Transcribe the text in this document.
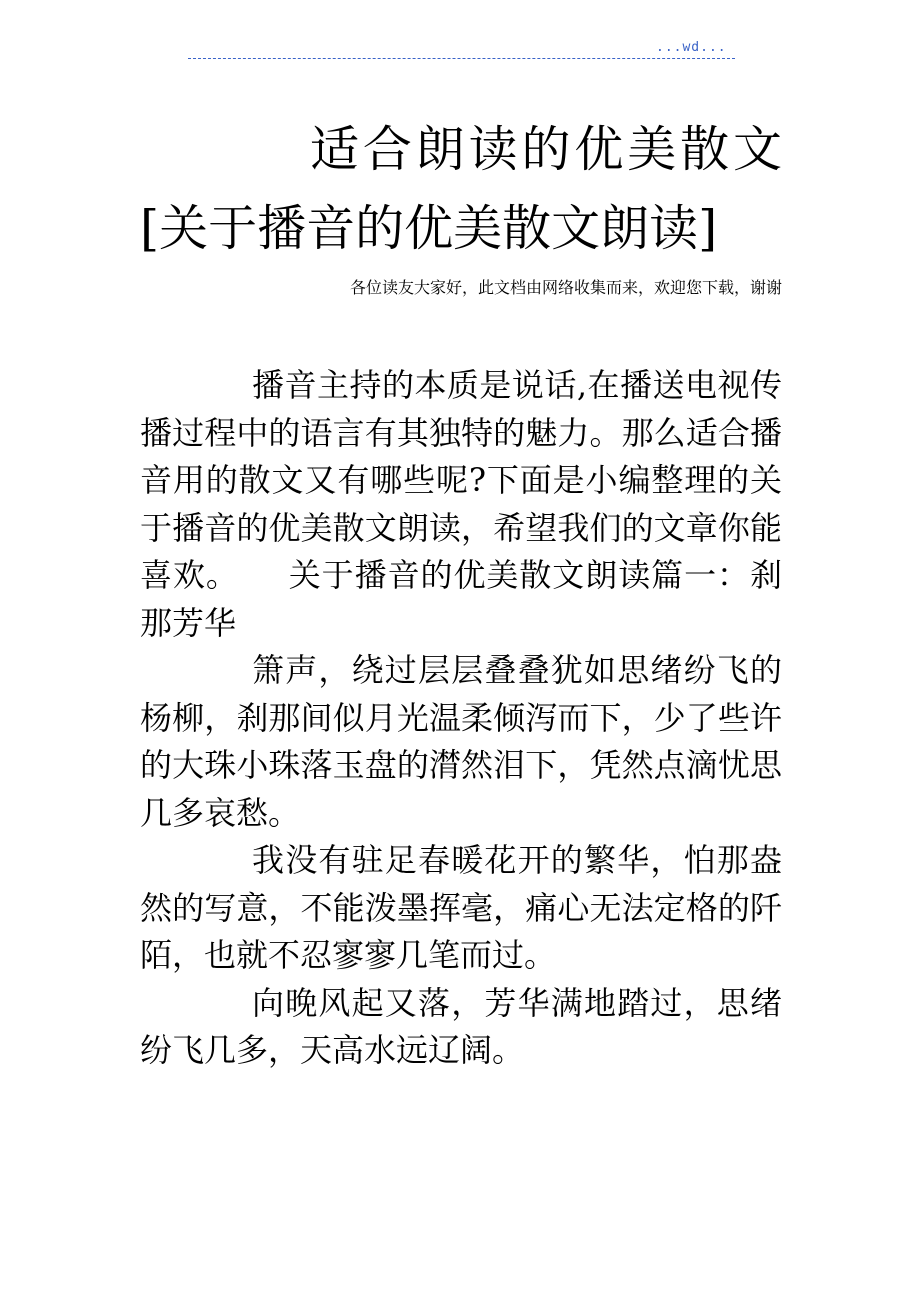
...wd...
适合朗读的优美散文 [关于播音的优美散文朗读]

各位读友大家好，此文档由网络收集而来，欢迎您下载，谢谢

播音主持的本质是说话,在播送电视传播过程中的语言有其独特的魅力。那么适合播音用的散文又有哪些呢?下面是小编整理的关于播音的优美散文朗读，希望我们的文章你能喜欢。　　关于播音的优美散文朗读篇一：刹那芳华

箫声，绕过层层叠叠犹如思绪纷飞的杨柳，刹那间似月光温柔倾泻而下，少了些许的大珠小珠落玉盘的潸然泪下，凭然点滴忧思几多哀愁。

我没有驻足春暖花开的繁华，怕那盎然的写意，不能泼墨挥毫，痛心无法定格的阡陌，也就不忍寥寥几笔而过。

向晚风起又落，芳华满地踏过，思绪纷飞几多，天高水远辽阔。
